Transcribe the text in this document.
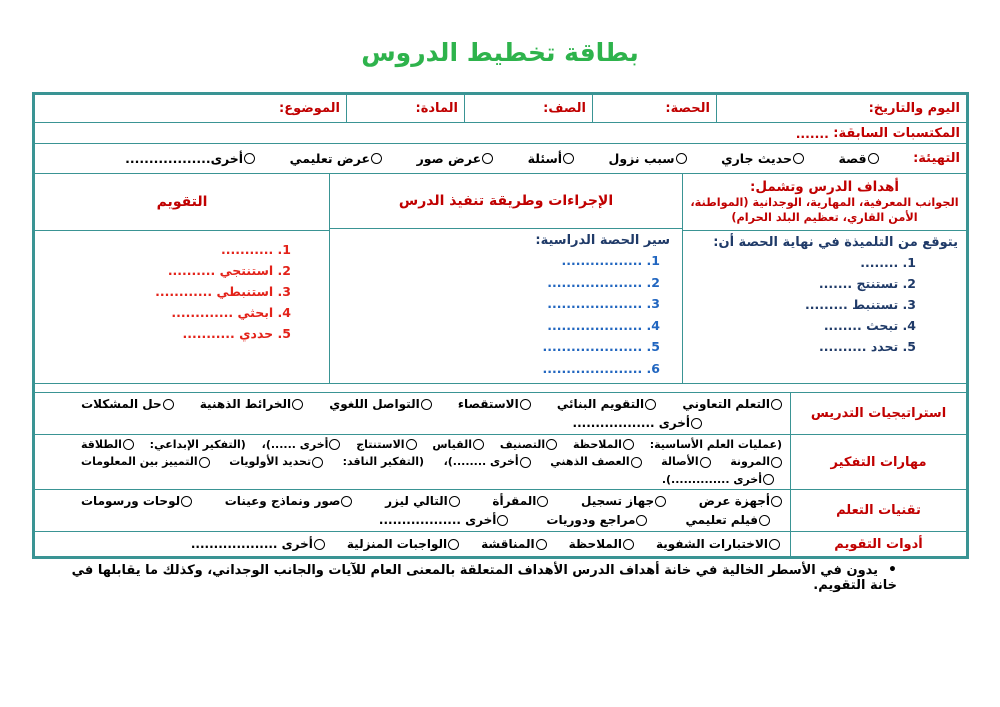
بطاقة تخطيط الدروس
اليوم والتاريخ:
الحصة:
الصف:
المادة:
الموضوع:
المكتسبات السابقة:

.......
التهيئة:
قصة
حديث جاري
سبب نزول
أسئلة
عرض صور
عرض تعليمي
أخرى..................
أهداف الدرس وتشمل:
الجوانب المعرفية، المهارية، الوجدانية (المواطنة، الأمن القاري، تعظيم البلد الحرام)
يتوقع من التلميذة في نهاية الحصة أن:
1. ........
2. تستنتج .......
3. تستنبط .........
4. تبحث ........
5. تحدد ..........
الإجراءات وطريقة تنفيذ الدرس
سير الحصة الدراسية:
1. .................
2. ....................
3. ....................
4. ....................
5. .....................
6. .....................
التقويم
1. ...........
2. استنتجي ..........
3. استنبطي ............
4. ابحثي .............
5. حددي ...........
استراتيجيات التدريس
التعلم التعاوني
التقويم البنائي
الاستقصاء
التواصل اللغوي
الخرائط الذهنية
حل المشكلات
أخرى ..................
مهارات التفكير
(عمليات العلم الأساسية:
الملاحظة
التصنيف
القياس
الاستنتاج
أخرى ......)،
(التفكير الإبداعي:
الطلاقة
المرونة
الأصالة
العصف الذهني
أخرى ........)،
(التفكير الناقد:
تحديد الأولويات
التمييز بين المعلومات
أخرى ..............).
تقنيات التعلم
أجهزة عرض
جهاز تسجيل
المقرأة
التالي ليزر
صور ونماذج وعينات
لوحات ورسومات
فيلم تعليمي
مراجع ودوريات
أخرى ..................
أدوات التقويم
الاختبارات الشفوية
الملاحظة
المناقشة
الواجبات المنزلية
أخرى ...................
•يدون في الأسطر الخالية في خانة أهداف الدرس الأهداف المتعلقة بالمعنى العام للآيات والجانب الوجداني، وكذلك ما يقابلها في خانة التقويم.
